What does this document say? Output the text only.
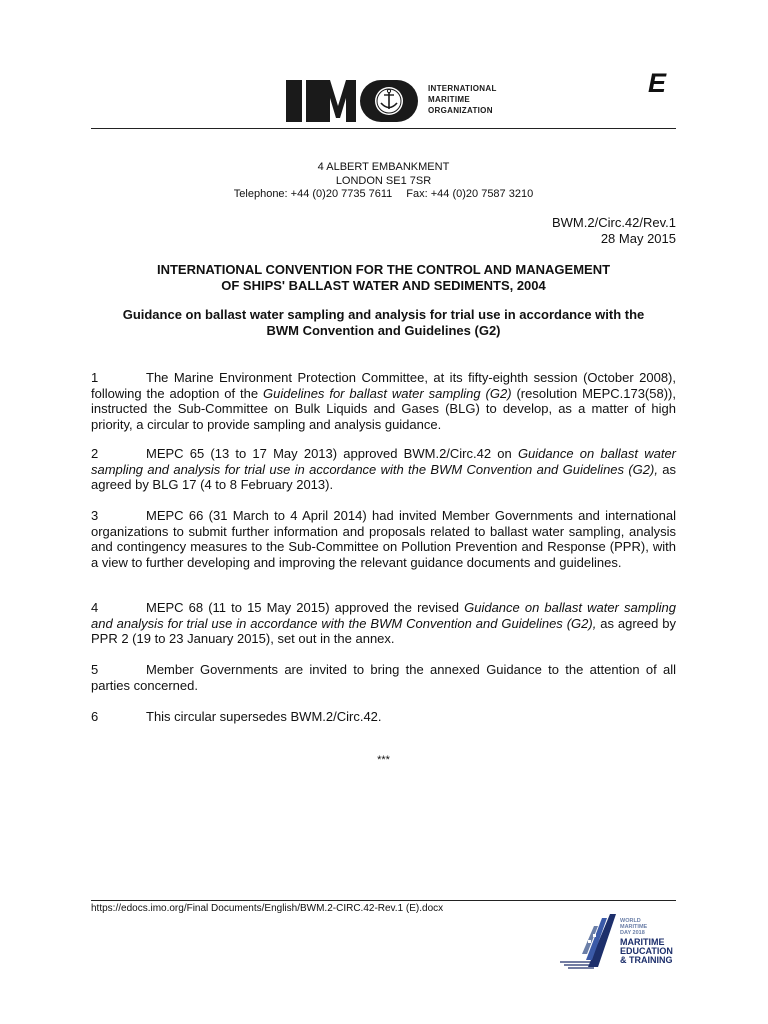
INTERNATIONAL
MARITIME
ORGANIZATION
E
4 ALBERT EMBANKMENT
LONDON SE1 7SR
Telephone: +44 (0)20 7735 7611 Fax: +44 (0)20 7587 3210
BWM.2/Circ.42/Rev.1
28 May 2015
INTERNATIONAL CONVENTION FOR THE CONTROL AND MANAGEMENT
OF SHIPS' BALLAST WATER AND SEDIMENTS, 2004
Guidance on ballast water sampling and analysis for trial use in accordance with the
BWM Convention and Guidelines (G2)
1	The Marine Environment Protection Committee, at its fifty-eighth session (October 2008), following the adoption of the Guidelines for ballast water sampling (G2) (resolution MEPC.173(58)), instructed the Sub-Committee on Bulk Liquids and Gases (BLG) to develop, as a matter of high priority, a circular to provide sampling and analysis guidance.
2	MEPC 65 (13 to 17 May 2013) approved BWM.2/Circ.42 on Guidance on ballast water sampling and analysis for trial use in accordance with the BWM Convention and Guidelines (G2), as agreed by BLG 17 (4 to 8 February 2013).
3	MEPC 66 (31 March to 4 April 2014) had invited Member Governments and international organizations to submit further information and proposals related to ballast water sampling, analysis and contingency measures to the Sub-Committee on Pollution Prevention and Response (PPR), with a view to further developing and improving the relevant guidance documents and guidelines.
4	MEPC 68 (11 to 15 May 2015) approved the revised Guidance on ballast water sampling and analysis for trial use in accordance with the BWM Convention and Guidelines (G2), as agreed by PPR 2 (19 to 23 January 2015), set out in the annex.
5	Member Governments are invited to bring the annexed Guidance to the attention of all parties concerned.
6	This circular supersedes BWM.2/Circ.42.
***
https://edocs.imo.org/Final Documents/English/BWM.2-CIRC.42-Rev.1 (E).docx
WORLD
MARITIME
DAY 2018
MARITIME
EDUCATION
& TRAINING
